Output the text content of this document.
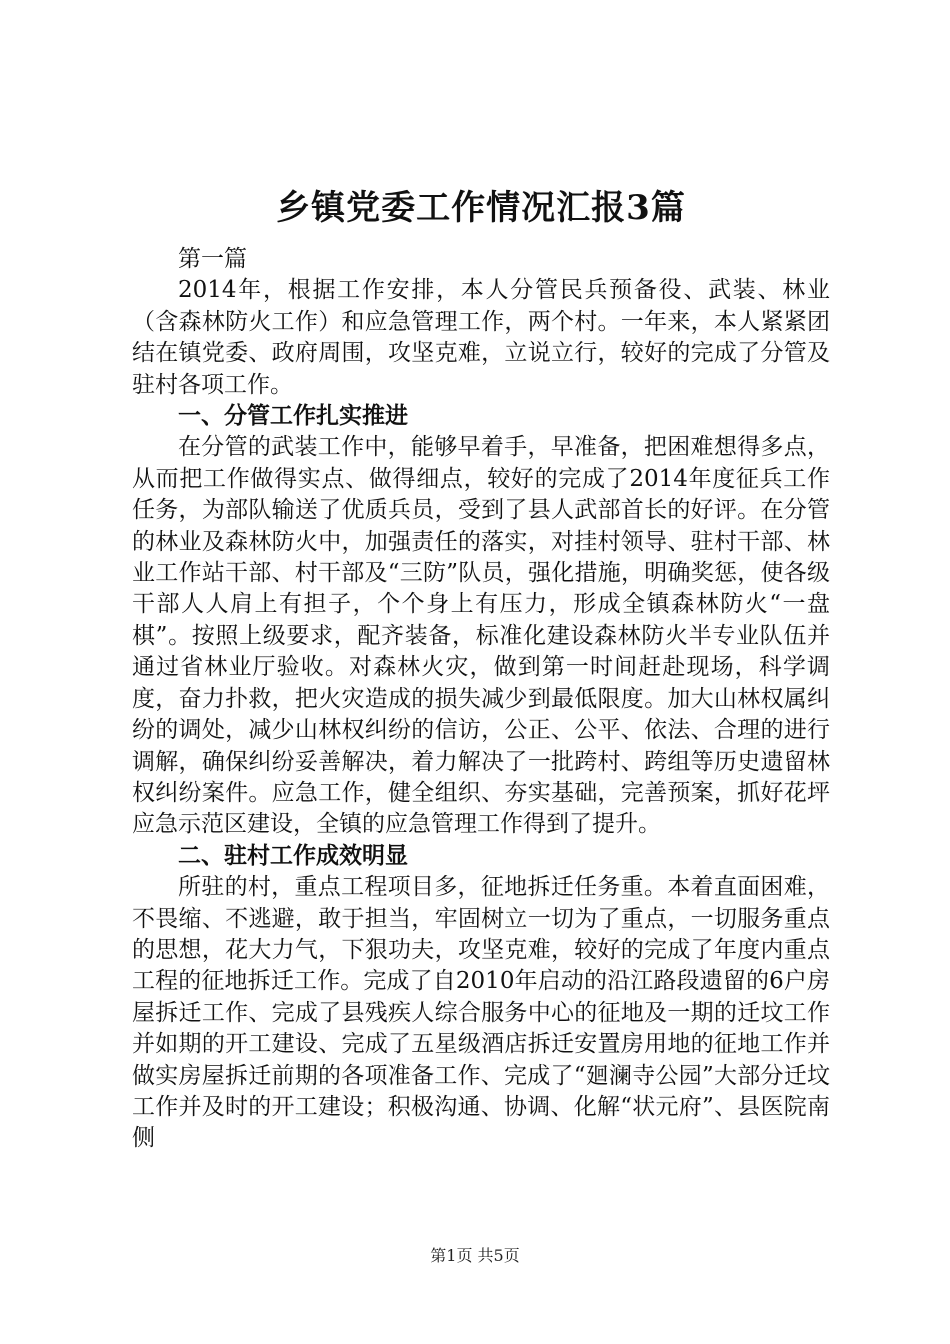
乡镇党委工作情况汇报3篇

第一篇

2014年，根据工作安排，本人分管民兵预备役、武装、林业（含森林防火工作）和应急管理工作，两个村。一年来，本人紧紧团结在镇党委、政府周围，攻坚克难，立说立行，较好的完成了分管及驻村各项工作。

一、分管工作扎实推进

在分管的武装工作中，能够早着手，早准备，把困难想得多点，从而把工作做得实点、做得细点，较好的完成了2014年度征兵工作任务，为部队输送了优质兵员，受到了县人武部首长的好评。在分管的林业及森林防火中，加强责任的落实，对挂村领导、驻村干部、林业工作站干部、村干部及“三防”队员，强化措施，明确奖惩，使各级干部人人肩上有担子，个个身上有压力，形成全镇森林防火“一盘棋”。按照上级要求，配齐装备，标准化建设森林防火半专业队伍并通过省林业厅验收。对森林火灾，做到第一时间赶赴现场，科学调度，奋力扑救，把火灾造成的损失减少到最低限度。加大山林权属纠纷的调处，减少山林权纠纷的信访，公正、公平、依法、合理的进行调解，确保纠纷妥善解决，着力解决了一批跨村、跨组等历史遗留林权纠纷案件。应急工作，健全组织、夯实基础，完善预案，抓好花坪应急示范区建设，全镇的应急管理工作得到了提升。

二、驻村工作成效明显

所驻的村，重点工程项目多，征地拆迁任务重。本着直面困难，不畏缩、不逃避，敢于担当，牢固树立一切为了重点，一切服务重点的思想，花大力气，下狠功夫，攻坚克难，较好的完成了年度内重点工程的征地拆迁工作。完成了自2010年启动的沿江路段遗留的6户房屋拆迁工作、完成了县残疾人综合服务中心的征地及一期的迁坟工作并如期的开工建设、完成了五星级酒店拆迁安置房用地的征地工作并做实房屋拆迁前期的各项准备工作、完成了“廻澜寺公园”大部分迁坟工作并及时的开工建设；积极沟通、协调、化解“状元府”、县医院南侧

第1页 共5页
